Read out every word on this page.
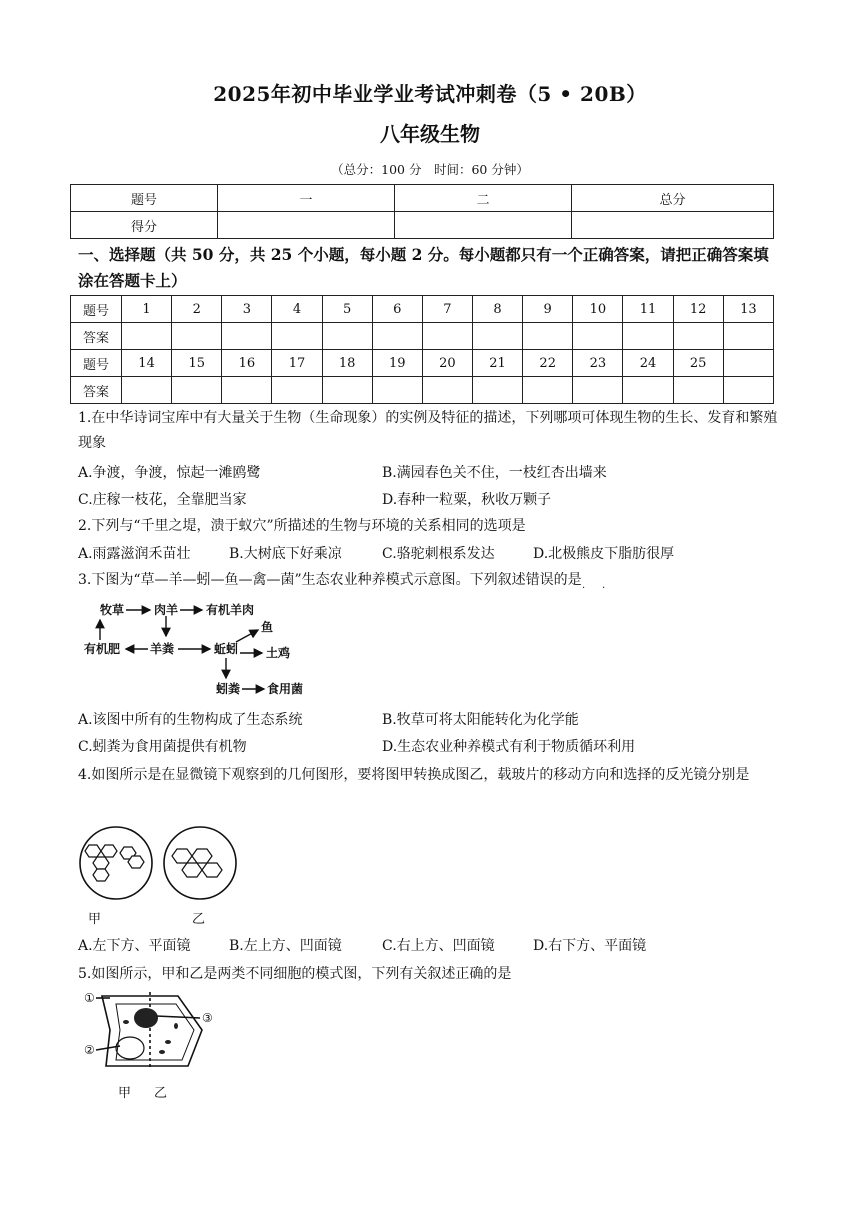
2025年初中毕业学业考试冲刺卷（5 • 20B）
八年级生物
（总分：100 分　时间：60 分钟）
题号	一	二	总分
得分			
一、选择题（共 50 分，共 25 个小题，每小题 2 分。每小题都只有一个正确答案，请把正确答案填涂在答题卡上）
题号	1	2	3	4	5	6	7	8	9	10	11	12	13
答案													
题号	14	15	16	17	18	19	20	21	22	23	24	25	
答案													
1.在中华诗词宝库中有大量关于生物（生命现象）的实例及特征的描述，下列哪项可体现生物的生长、发育和繁殖现象
A.争渡，争渡，惊起一滩鸥鹭	B.满园春色关不住，一枝红杏出墙来
C.庄稼一枝花，全靠肥当家	D.春种一粒粟，秋收万颗子
2.下列与“千里之堤，溃于蚁穴”所描述的生物与环境的关系相同的选项是
A.雨露滋润禾苗壮	B.大树底下好乘凉	C.骆驼刺根系发达	D.北极熊皮下脂肪很厚
3.下图为“草—羊—蚓—鱼—禽—菌”生态农业种养模式示意图。下列叙述错误的是
··
牧草 肉羊 有机羊肉
有机肥 羊粪
鱼
蚯蚓 土鸡
蚓粪 食用菌
A.该图中所有的生物构成了生态系统	B.牧草可将太阳能转化为化学能
C.蚓粪为食用菌提供有机物	D.生态农业种养模式有利于物质循环利用
4.如图所示是在显微镜下观察到的几何图形，要将图甲转换成图乙，载玻片的移动方向和选择的反光镜分别是
甲	乙
A.左下方、平面镜	B.左上方、凹面镜	C.右上方、凹面镜	D.右下方、平面镜
5.如图所示，甲和乙是两类不同细胞的模式图，下列有关叙述正确的是
①
②
③
甲 乙
